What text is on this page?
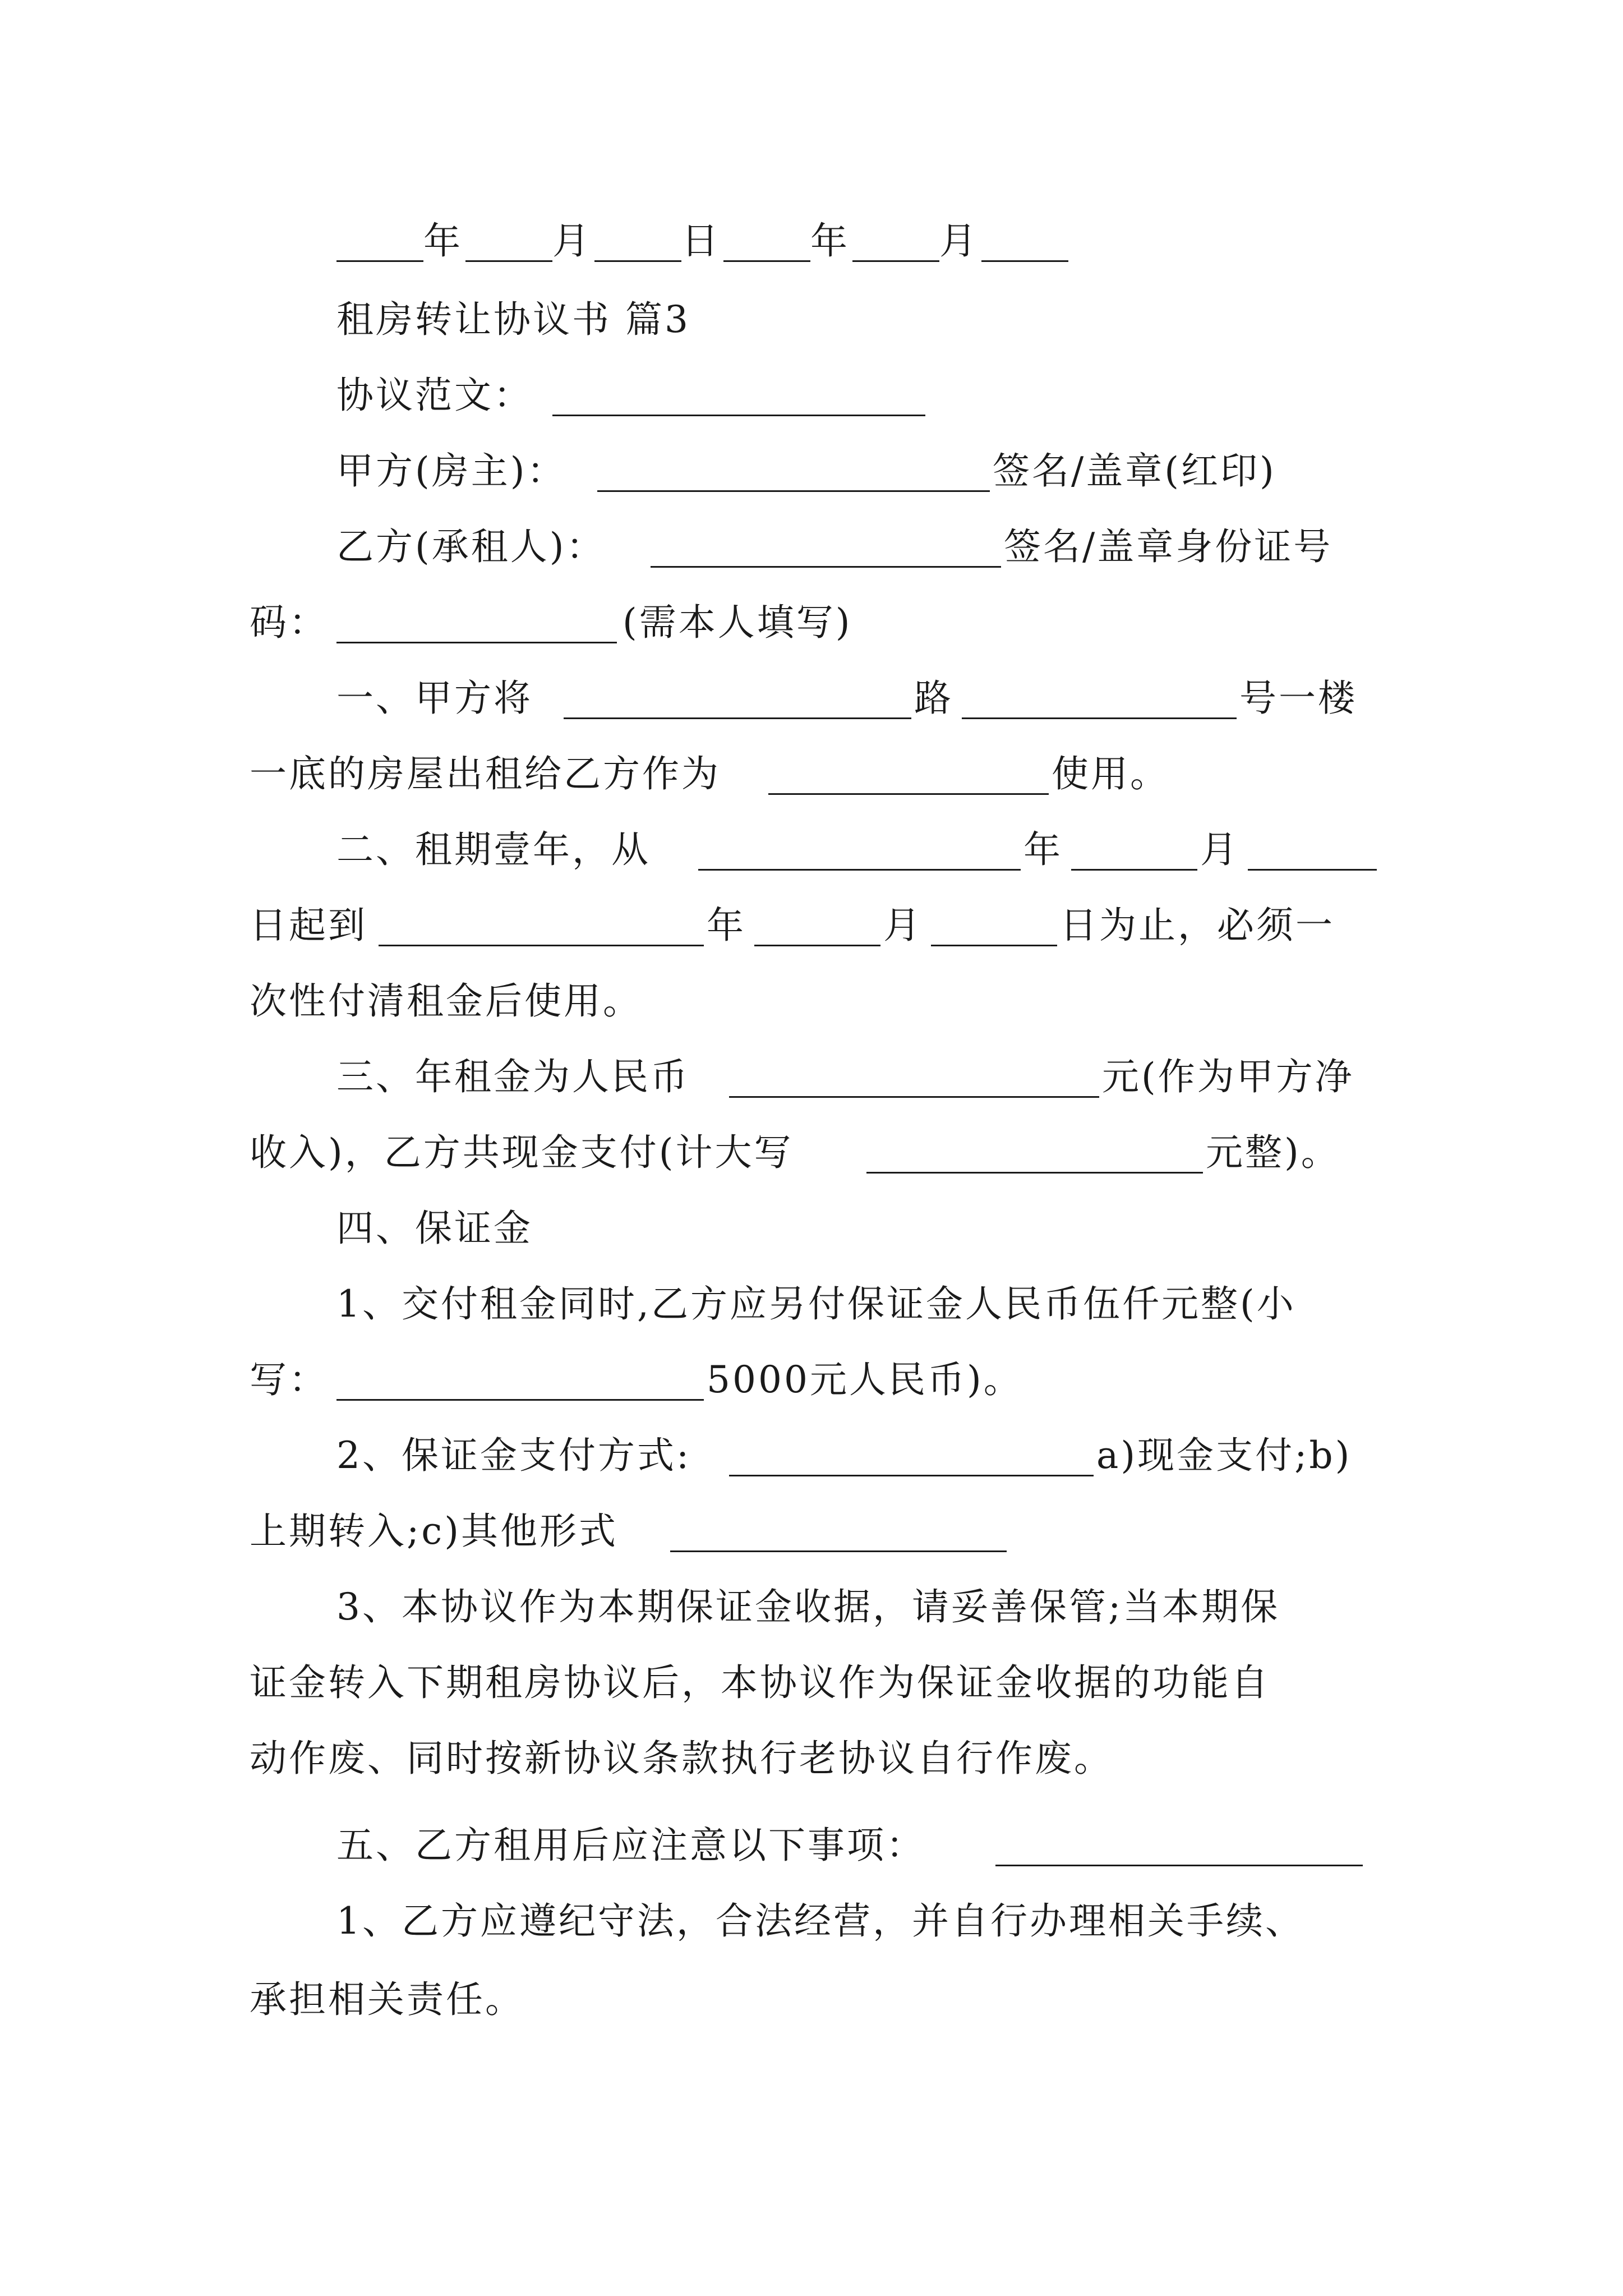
年

月

日

年

月

租房转让协议书 篇3

协议范文：

甲方(房主)：

	签名/盖章(红印)

乙方(承租人)：

	签名/盖章身份证号

码：

	(需本人填写)

一、甲方将

	路

	号一楼

一底的房屋出租给乙方作为

	使用。

二、租期壹年，从

	年

	月

日起到

	年

	月

	日为止，必须一

次性付清租金后使用。

三、年租金为人民币

	元(作为甲方净

收入)，乙方共现金支付(计大写

	元整)。

四、保证金

1、交付租金同时,乙方应另付保证金人民币伍仟元整(小

写：

	5000元人民币)。

2、保证金支付方式:

	a)现金支付;b)

上期转入;c)其他形式

3、本协议作为本期保证金收据，请妥善保管;当本期保

证金转入下期租房协议后，本协议作为保证金收据的功能自

动作废、同时按新协议条款执行老协议自行作废。

五、乙方租用后应注意以下事项：

1、乙方应遵纪守法，合法经营，并自行办理相关手续、

承担相关责任。
